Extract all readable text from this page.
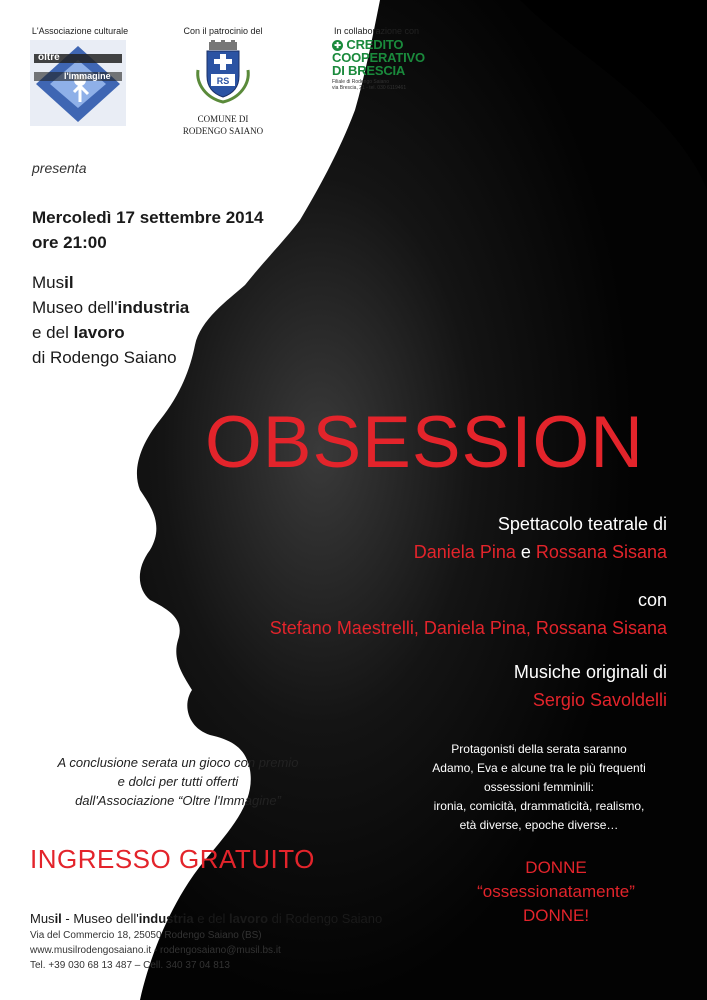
L'Associazione culturale
oltre
l'immagine
Con il patrocinio del
RS
COMUNE DI
RODENGO SAIANO
In collaborazione con
✚ CREDITO
COOPERATIVO
DI BRESCIA
Filiale di Rodengo Saiano
via Brescia, 21 - tel. 030 6119461
presenta
Mercoledì 17 settembre 2014
ore 21:00
Musil
Museo dell'industria
e del lavoro
di Rodengo Saiano
OBSESSION
Spettacolo teatrale di
Daniela Pina e Rossana Sisana
con
Stefano Maestrelli, Daniela Pina, Rossana Sisana
Musiche originali di
Sergio Savoldelli
Protagonisti della serata saranno
Adamo, Eva e alcune tra le più frequenti
ossessioni femminili:
ironia, comicità, drammaticità, realismo,
età diverse, epoche diverse…
DONNE
“ossessionatamente”
DONNE!
A conclusione serata un gioco con premio
e dolci per tutti offerti
dall'Associazione “Oltre l'Immagine”
INGRESSO GRATUITO
Musil - Museo dell'industria e del lavoro di Rodengo Saiano
Via del Commercio 18, 25050 Rodengo Saiano (BS)
www.musilrodengosaiano.it - rodengosaiano@musil.bs.it
Tel. +39 030 68 13 487 – Cell. 340 37 04 813
